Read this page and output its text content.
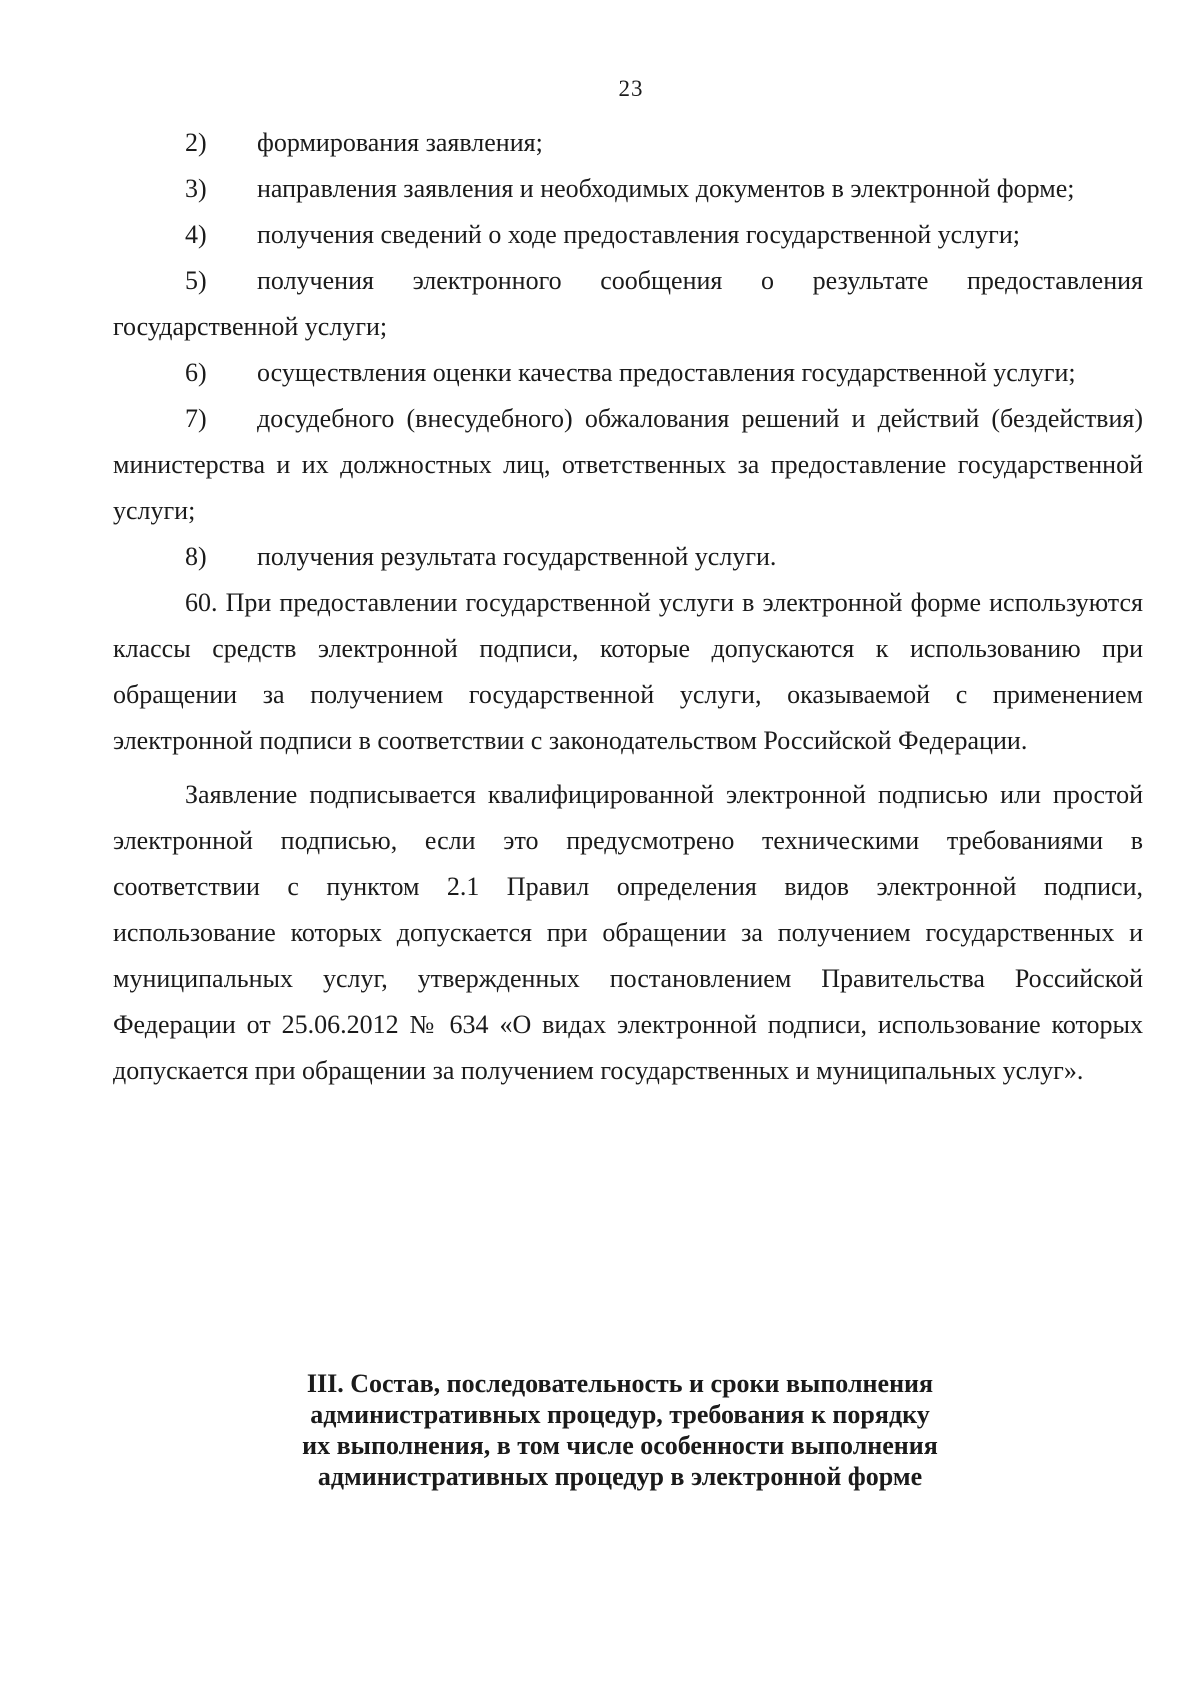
23

2) формирования заявления;

3) направления заявления и необходимых документов в электронной форме;

4) получения сведений о ходе предоставления государственной услуги;

5) получения электронного сообщения о результате предоставления государственной услуги;

6) осуществления оценки качества предоставления государственной услуги;

7) досудебного (внесудебного) обжалования решений и действий (бездействия) министерства и их должностных лиц, ответственных за предоставление государственной услуги;

8) получения результата государственной услуги.

60. При предоставлении государственной услуги в электронной форме используются классы средств электронной подписи, которые допускаются к использованию при обращении за получением государственной услуги, оказываемой с применением электронной подписи в соответствии с законодательством Российской Федерации.

Заявление подписывается квалифицированной электронной подписью или простой электронной подписью, если это предусмотрено техническими требованиями в соответствии с пунктом 2.1 Правил определения видов электронной подписи, использование которых допускается при обращении за получением государственных и муниципальных услуг, утвержденных постановлением Правительства Российской Федерации от 25.06.2012 № 634 «О видах электронной подписи, использование которых допускается при обращении за получением государственных и муниципальных услуг».

III. Состав, последовательность и сроки выполнения
административных процедур, требования к порядку
их выполнения, в том числе особенности выполнения
административных процедур в электронной форме
